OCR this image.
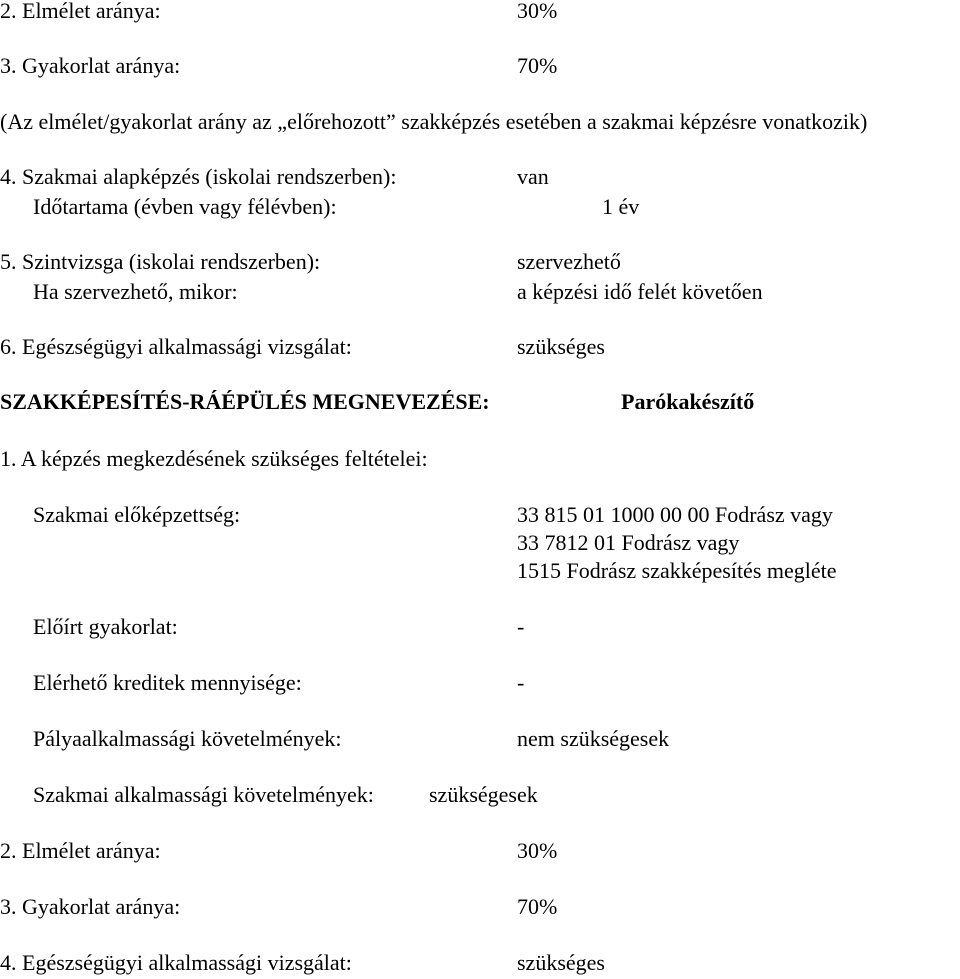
2. Elmélet aránya:	30%
3. Gyakorlat aránya:	70%
(Az elmélet/gyakorlat arány az „előrehozott” szakképzés esetében a szakmai képzésre vonatkozik)
4. Szakmai alapképzés (iskolai rendszerben):	van
Időtartama (évben vagy félévben):	1 év
5. Szintvizsga (iskolai rendszerben):	szervezhető
Ha szervezhető, mikor:	a képzési idő felét követően
6. Egészségügyi alkalmassági vizsgálat:	szükséges
SZAKKÉPESÍTÉS-RÁÉPÜLÉS MEGNEVEZÉSE:	Parókakészítő
1. A képzés megkezdésének szükséges feltételei:
Szakmai előképzettség:	33 815 01 1000 00 00 Fodrász vagy
33 7812 01 Fodrász vagy
1515 Fodrász szakképesítés megléte
Előírt gyakorlat:	-
Elérhető kreditek mennyisége:	-
Pályaalkalmassági követelmények:	nem szükségesek
Szakmai alkalmassági követelmények:	szükségesek
2. Elmélet aránya:	30%
3. Gyakorlat aránya:	70%
4. Egészségügyi alkalmassági vizsgálat:	szükséges
